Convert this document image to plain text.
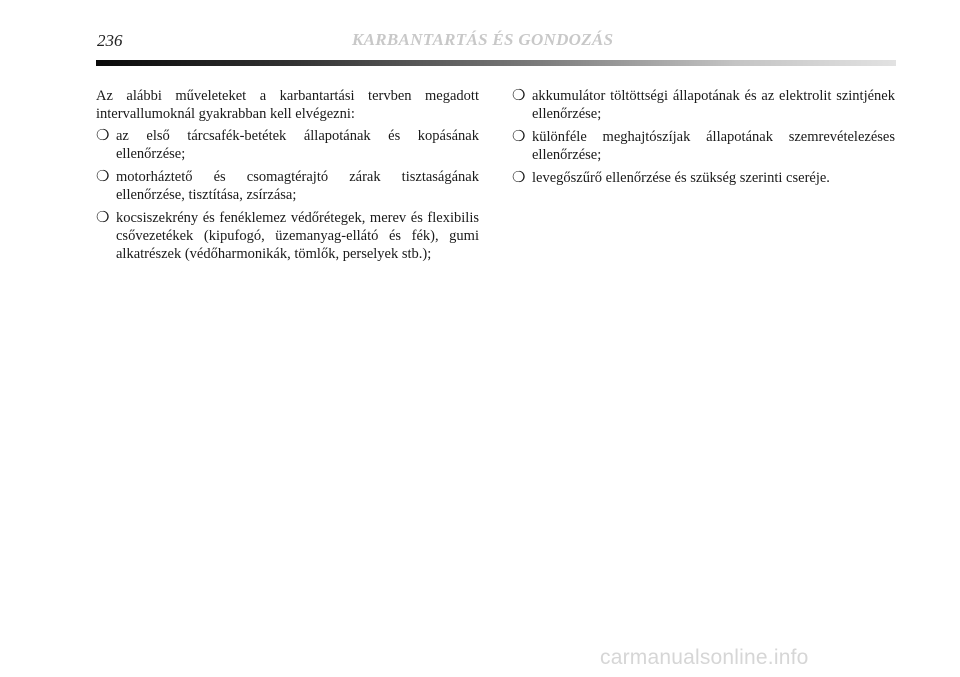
236	KARBANTARTÁS ÉS GONDOZÁS

Az alábbi műveleteket a karbantartási tervben megadott intervallumoknál gyakrabban kell elvégezni:

❍ az első tárcsafék-betétek állapotának és kopásának ellenőrzése;
❍ motorháztető és csomagtérajtó zárak tisztaságának ellenőrzése, tisztítása, zsírzása;
❍ kocsiszekrény és fenéklemez védőrétegek, merev és flexibilis csővezetékek (kipufogó, üzemanyag-ellátó és fék), gumi alkatrészek (védőharmonikák, tömlők, perselyek stb.);
❍ akkumulátor töltöttségi állapotának és az elektrolit szintjének ellenőrzése;
❍ különféle meghajtószíjak állapotának szemrevételezéses ellenőrzése;
❍ levegőszűrő ellenőrzése és szükség szerinti cseréje.
carmanualsonline.info
